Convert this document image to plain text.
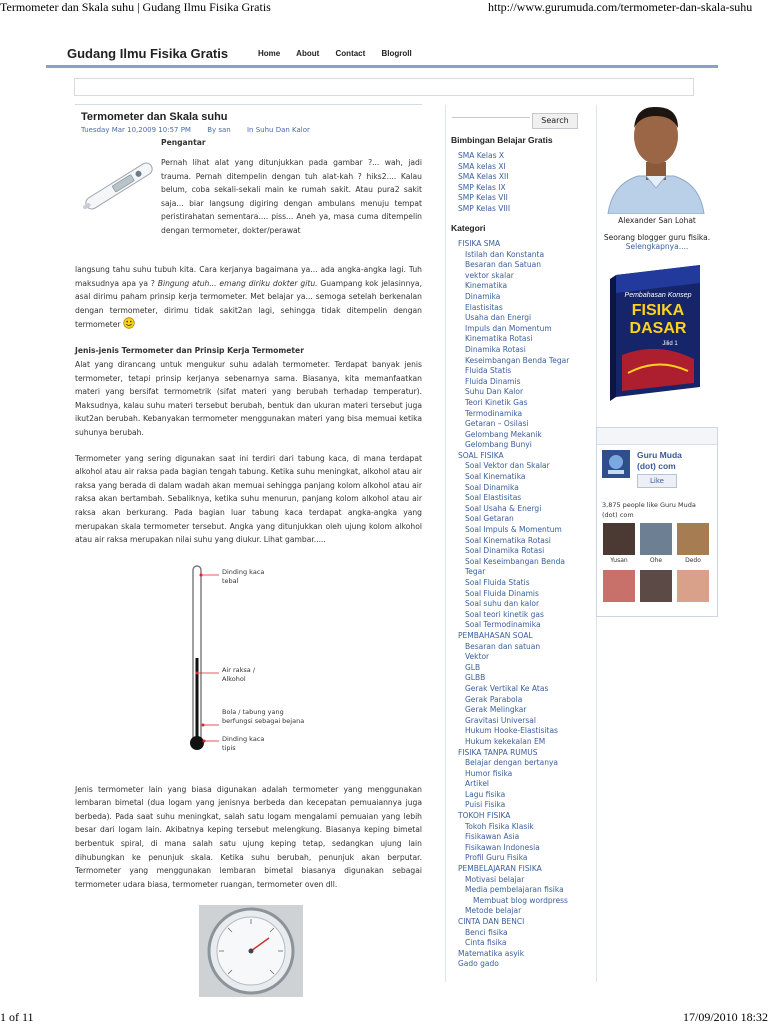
Termometer dan Skala suhu | Gudang Ilmu Fisika Gratis	http://www.gurumuda.com/termometer-dan-skala-suhu
Gudang Ilmu Fisika Gratis	Home About Contact Blogroll
Termometer dan Skala suhu
Tuesday Mar 10,2009 10:57 PM By san In Suhu Dan Kalor
Pengantar
Pernah lihat alat yang ditunjukkan pada gambar ?... wah, jadi trauma. Pernah ditempelin dengan tuh alat-kah ? hiks2.... Kalau belum, coba sekali-sekali main ke rumah sakit. Atau pura2 sakit saja... biar langsung digiring dengan ambulans menuju tempat peristirahatan sementara.... piss... Aneh ya, masa cuma ditempelin dengan termometer, dokter/perawat
langsung tahu suhu tubuh kita. Cara kerjanya bagaimana ya... ada angka-angka lagi. Tuh maksudnya apa ya ? Bingung atuh... emang diriku dokter gitu. Guampang kok jelasinnya, asal dirimu paham prinsip kerja termometer. Met belajar ya... semoga setelah berkenalan dengan termometer, dirimu tidak sakit2an lagi, sehingga tidak ditempelin dengan termometer
Jenis-jenis Termometer dan Prinsip Kerja Termometer
Alat yang dirancang untuk mengukur suhu adalah termometer. Terdapat banyak jenis termometer, tetapi prinsip kerjanya sebenarnya sama. Biasanya, kita memanfaatkan materi yang bersifat termometrik (sifat materi yang berubah terhadap temperatur). Maksudnya, kalau suhu materi tersebut berubah, bentuk dan ukuran materi tersebut juga ikut2an berubah. Kebanyakan termometer menggunakan materi yang bisa memuai ketika suhunya berubah.
Termometer yang sering digunakan saat ini terdiri dari tabung kaca, di mana terdapat alkohol atau air raksa pada bagian tengah tabung. Ketika suhu meningkat, alkohol atau air raksa yang berada di dalam wadah akan memuai sehingga panjang kolom alkohol atau air raksa akan bertambah. Sebaliknya, ketika suhu menurun, panjang kolom alkohol atau air raksa akan berkurang. Pada bagian luar tabung kaca terdapat angka-angka yang merupakan skala termometer tersebut. Angka yang ditunjukkan oleh ujung kolom alkohol atau air raksa merupakan nilai suhu yang diukur. Lihat gambar.....
Dinding kaca
tebal
Air raksa /
Alkohol
Bola / tabung yang
berfungsi sebagai bejana
Dinding kaca
tipis
Jenis termometer lain yang biasa digunakan adalah termometer yang menggunakan lembaran bimetal (dua logam yang jenisnya berbeda dan kecepatan pemuaiannya juga berbeda). Pada saat suhu meningkat, salah satu logam mengalami pemuaian yang lebih besar dari logam lain. Akibatnya keping tersebut melengkung. Biasanya keping bimetal berbentuk spiral, di mana salah satu ujung keping tetap, sedangkan ujung lain dihubungkan ke penunjuk skala. Ketika suhu berubah, penunjuk akan berputar. Termometer yang menggunakan lembaran bimetal biasanya digunakan sebagai termometer udara biasa, termometer ruangan, termometer oven dll.
Search
Bimbingan Belajar Gratis
SMA Kelas X
SMA kelas XI
SMA Kelas XII
SMP Kelas IX
SMP Kelas VII
SMP Kelas VIII
Kategori
FISIKA SMA
Istilah dan Konstanta
Besaran dan Satuan
vektor skalar
Kinematika
Dinamika
Elastisitas
Usaha dan Energi
Impuls dan Momentum
Kinematika Rotasi
Dinamika Rotasi
Keseimbangan Benda Tegar
Fluida Statis
Fluida Dinamis
Suhu Dan Kalor
Teori Kinetik Gas
Termodinamika
Getaran – Osilasi
Gelombang Mekanik
Gelombang Bunyi
SOAL FISIKA
Soal Vektor dan Skalar
Soal Kinematika
Soal Dinamika
Soal Elastisitas
Soal Usaha & Energi
Soal Getaran
Soal Impuls & Momentum
Soal Kinematika Rotasi
Soal Dinamika Rotasi
Soal Keseimbangan Benda
Tegar
Soal Fluida Statis
Soal Fluida Dinamis
Soal suhu dan kalor
Soal teori kinetik gas
Soal Termodinamika
PEMBAHASAN SOAL
Besaran dan satuan
Vektor
GLB
GLBB
Gerak Vertikal Ke Atas
Gerak Parabola
Gerak Melingkar
Gravitasi Universal
Hukum Hooke-Elastisitas
Hukum kekekalan EM
FISIKA TANPA RUMUS
Belajar dengan bertanya
Humor fisika
Artikel
Lagu fisika
Puisi Fisika
TOKOH FISIKA
Tokoh Fisika Klasik
Fisikawan Asia
Fisikawan Indonesia
Profil Guru Fisika
PEMBELAJARAN FISIKA
Motivasi belajar
Media pembelajaran fisika
Membuat blog wordpress
Metode belajar
CINTA DAN BENCI
Benci fisika
Cinta fisika
Matematika asyik
Gado gado
Alexander San Lohat
Seorang blogger guru fisika.
Selengkapnya....
Pembahasan Konsep
FISIKA
DASAR
Jilid 1
Guru Muda
(dot) com
Like
3,875 people like Guru Muda (dot) com
Yusan	Ohe	Dedo
1 of 11	17/09/2010 18:32
